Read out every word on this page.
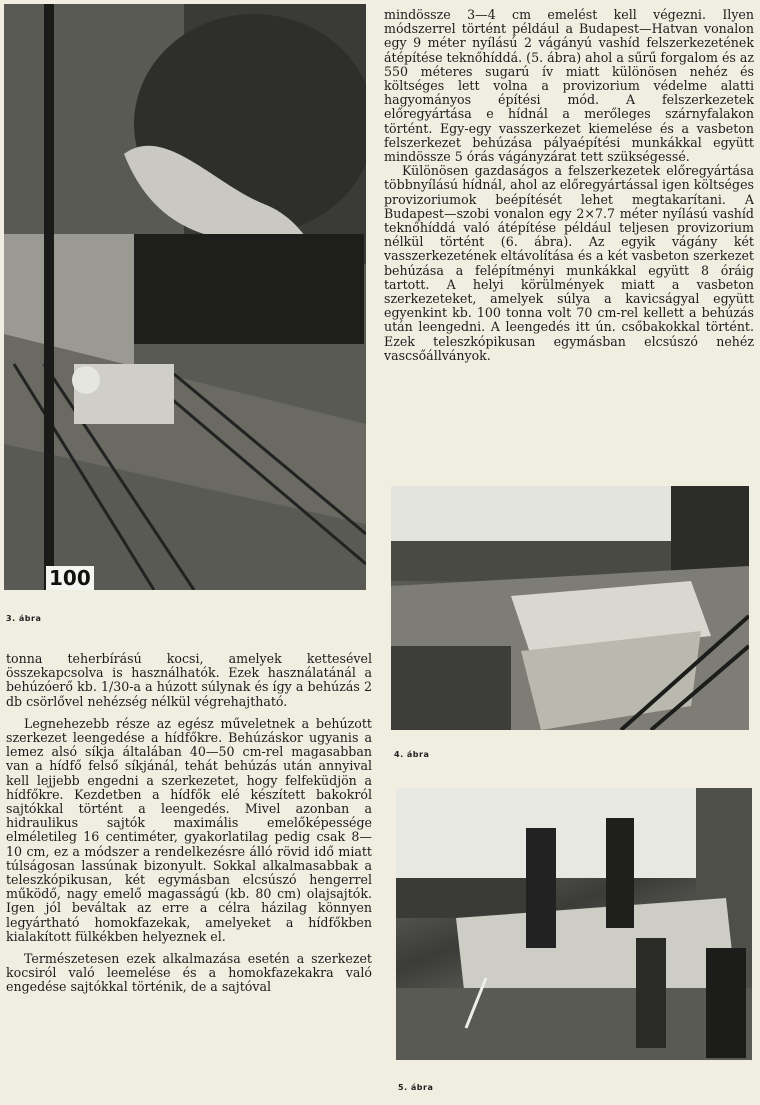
100
3. ábra

mindössze 3—4 cm emelést kell végezni. Ilyen módszerrel történt például a Budapest—Hatvan vonalon egy 9 méter nyílású 2 vágányú vashíd felszerkezetének átépítése teknőhíddá. (5. ábra) ahol a sűrű forgalom és az 550 méteres sugarú ív miatt különösen nehéz és költséges lett volna a provizorium védelme alatti hagyományos építési mód. A felszerkezetek előregyártása e hídnál a merőleges szárnyfalakon történt. Egy-egy vasszerkezet kiemelése és a vasbeton felszerkezet behúzása pályaépítési munkákkal együtt mindössze 5 órás vágányzárat tett szükségessé.

Különösen gazdaságos a felszerkezetek előregyártása többnyílású hídnál, ahol az előregyártással igen költséges provizoriumok beépítését lehet megtakarítani. A Budapest—szobi vonalon egy 2×7.7 méter nyílású vashíd teknőhíddá való átépítése például teljesen provizorium nélkül történt (6. ábra). Az egyik vágány két vasszerkezetének eltávolítása és a két vasbeton szerkezet behúzása a felépítményi munkákkal együtt 8 óráig tartott. A helyi körülmények miatt a vasbeton szerkezeteket, amelyek súlya a kavicságyal együtt egyenkint kb. 100 tonna volt 70 cm-rel kellett a behúzás után leengedni. A leengedés itt ún. csőbakokkal történt. Ezek teleszkópikusan egymásban elcsúszó nehéz vascsőállványok.

4. ábra
5. ábra

tonna teherbírású kocsi, amelyek kettesével összekapcsolva is használhatók. Ezek használatánál a behúzóerő kb. 1/30-a a húzott súlynak és így a behúzás 2 db csörlővel nehézség nélkül végrehajtható.

Legnehezebb része az egész műveletnek a behúzott szerkezet leengedése a hídfőkre. Behúzáskor ugyanis a lemez alsó síkja általában 40—50 cm-rel magasabban van a hídfő felső síkjánál, tehát behúzás után annyival kell lejjebb engedni a szerkezetet, hogy felfeküdjön a hídfőkre. Kezdetben a hídfők elé készített bakokról sajtókkal történt a leengedés. Mivel azonban a hidraulikus sajtók maximális emelőképessége elméletileg 16 centiméter, gyakorlatilag pedig csak 8—10 cm, ez a módszer a rendelkezésre álló rövid idő miatt túlságosan lassúnak bizonyult. Sokkal alkalmasabbak a teleszkópikusan, két egymásban elcsúszó hengerrel működő, nagy emelő magasságú (kb. 80 cm) olajsajtók. Igen jól beváltak az erre a célra házilag könnyen legyártható homokfazekak, amelyeket a hídfőkben kialakított fülkékben helyeznek el.

Természetesen ezek alkalmazása esetén a szerkezet kocsiról való leemelése és a homokfazekakra való engedése sajtókkal történik, de a sajtóval
